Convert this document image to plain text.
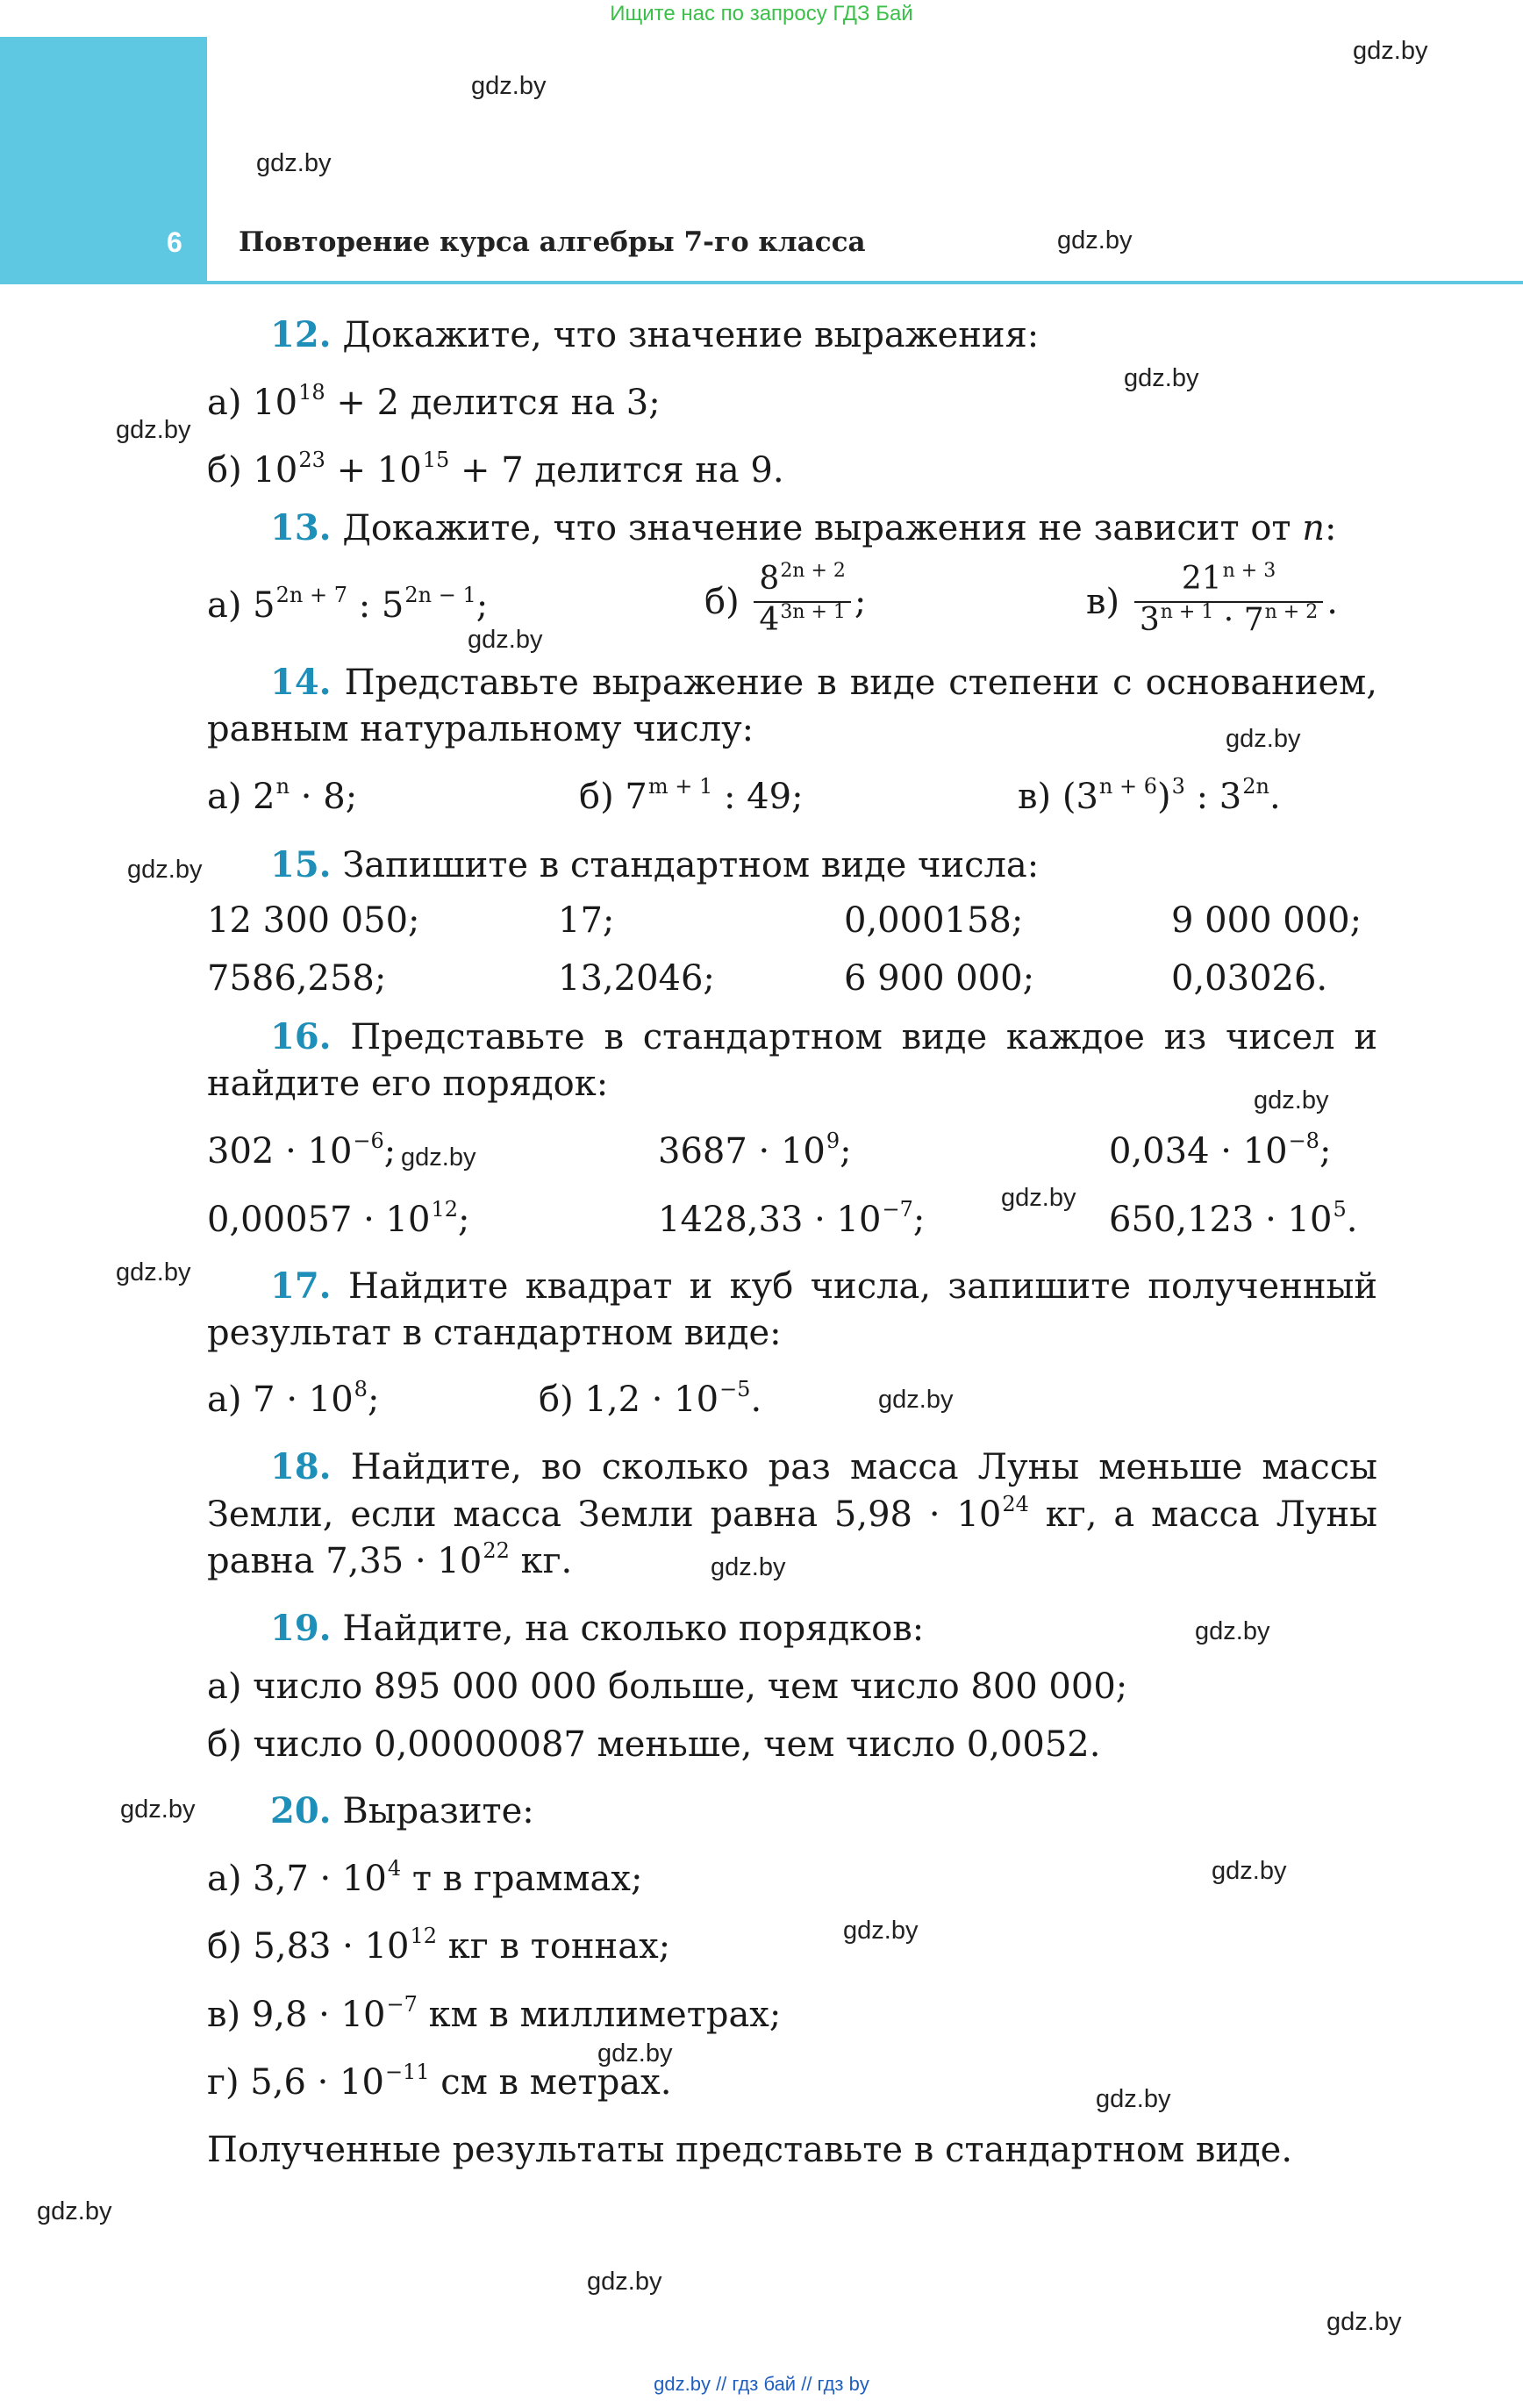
Ищите нас по запросу ГДЗ Бай
6 Повторение курса алгебры 7-го класса
gdz.by
gdz.by
gdz.by
gdz.by
gdz.by
gdz.by
gdz.by
gdz.by
gdz.by
gdz.by
gdz.by
gdz.by
gdz.by
gdz.by
gdz.by
gdz.by
gdz.by
gdz.by
gdz.by
gdz.by
gdz.by
gdz.by
gdz.by
gdz.by
12. Докажите, что значение выражения:
а) $10^{18} + 2$ делится на 3;
б) $10^{23} + 10^{15} + 7$ делится на 9.
13. Докажите, что значение выражения не зависит от n:
а) $5^{2n + 7}$ : $5^{2n - 1}$;	$б) \frac{8^{2n + 2}}{4^{3n + 1}}$ ;	$в) \frac{21^{n + 3}}{3^{n + 1} \cdot 7^{n + 2}}$ .
14. Представьте выражение в виде степени с основанием,
равным натуральному числу:
а) $2^n \cdot 8$;	б) $7^{m + 1}$ : 49;	в) $(3^{n + 6})^3$ : $3^{2n}$.
15. Запишите в стандартном виде числа:
12 300 050;	17;	0,000158;	9 000 000;
7586,258;	13,2046;	6 900 000;	0,03026.
16. Представьте в стандартном виде каждое из чисел и
найдите его порядок:
$302 \cdot 10^{-6}$;	$3687 \cdot 10^9$;	$0,034 \cdot 10^{-8}$;
$0,00057 \cdot 10^{12}$;	$1428,33 \cdot 10^{-7}$;	$650,123 \cdot 10^5$.
17. Найдите квадрат и куб числа, запишите полученный
результат в стандартном виде:
а) $7 \cdot 10^8$;	б) $1,2 \cdot 10^{-5}$.
18. Найдите, во сколько раз масса Луны меньше массы
Земли, если масса Земли равна $5,98 \cdot 10^{24}$ кг, а масса Луны
равна $7,35 \cdot 10^{22}$ кг.
19. Найдите, на сколько порядков:
а) число 895 000 000 больше, чем число 800 000;
б) число 0,00000087 меньше, чем число 0,0052.
20. Выразите:
а) $3,7 \cdot 10^4$ т в граммах;
б) $5,83 \cdot 10^{12}$ кг в тоннах;
в) $9,8 \cdot 10^{-7}$ км в миллиметрах;
г) $5,6 \cdot 10^{-11}$ см в метрах.
Полученные результаты представьте в стандартном виде.
gdz.by // гдз бай // гдз by
